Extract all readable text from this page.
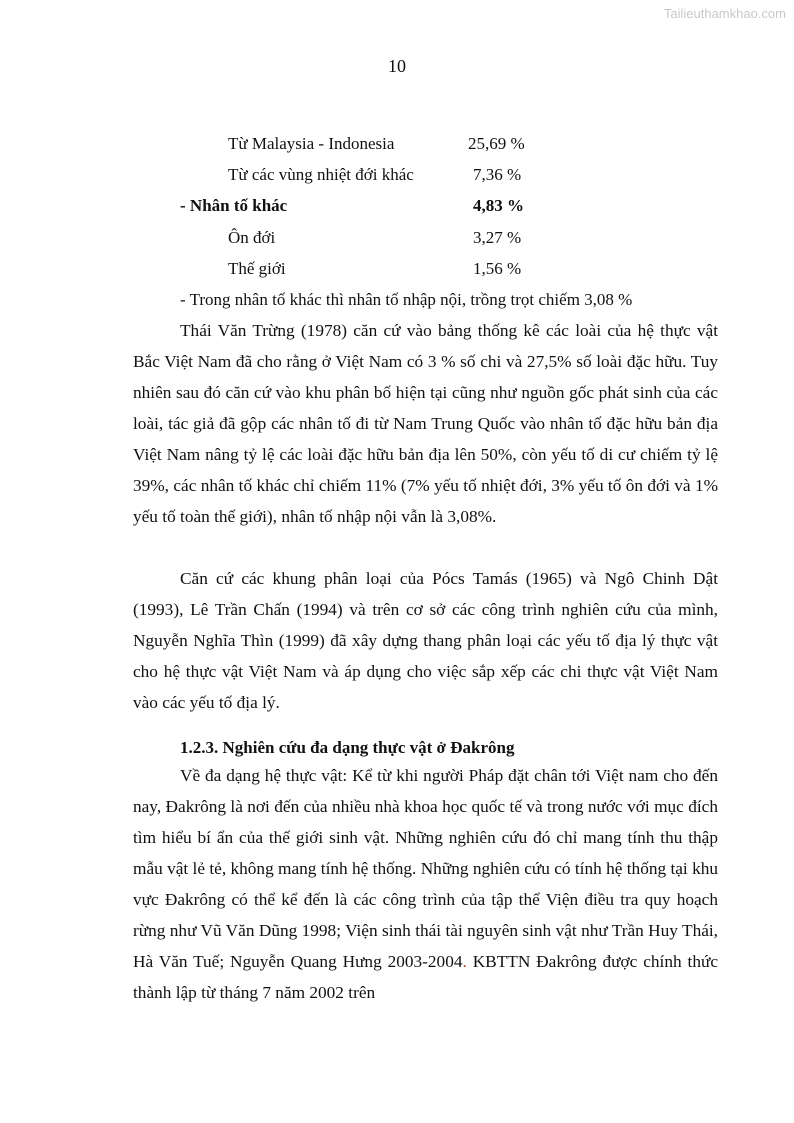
Tailieuthamkhao.com
10
Từ Malaysia - Indonesia	25,69 %
Từ các vùng nhiệt đới khác	7,36 %
- Nhân tố khác	4,83 %
Ôn đới	3,27 %
Thế giới	1,56 %
- Trong nhân tố khác thì nhân tố nhập nội, trồng trọt chiếm 3,08 %

Thái Văn Trừng (1978) căn cứ vào bảng thống kê các loài của hệ thực vật Bắc Việt Nam đã cho rằng ở Việt Nam có 3 % số chi và 27,5% số loài đặc hữu. Tuy nhiên sau đó căn cứ vào khu phân bố hiện tại cũng như nguồn gốc phát sinh của các loài, tác giả đã gộp các nhân tố đi từ Nam Trung Quốc vào nhân tố đặc hữu bản địa Việt Nam nâng tỷ lệ các loài đặc hữu bản địa lên 50%, còn yếu tố di cư chiếm tỷ lệ 39%, các nhân tố khác chỉ chiếm 11% (7% yếu tố nhiệt đới, 3% yếu tố ôn đới và 1% yếu tố toàn thế giới), nhân tố nhập nội vẫn là 3,08%.

Căn cứ các khung phân loại của Pócs Tamás (1965) và Ngô Chinh Dật (1993), Lê Trần Chấn (1994) và trên cơ sở các công trình nghiên cứu của mình, Nguyễn Nghĩa Thìn (1999) đã xây dựng thang phân loại các yếu tố địa lý thực vật cho hệ thực vật Việt Nam và áp dụng cho việc sắp xếp các chi thực vật Việt Nam vào các yếu tố địa lý.

1.2.3. Nghiên cứu đa dạng thực vật ở Đakrông

Về đa dạng hệ thực vật: Kể từ khi người Pháp đặt chân tới Việt nam cho đến nay, Đakrông là nơi đến của nhiều nhà khoa học quốc tế và trong nước với mục đích tìm hiểu bí ẩn của thế giới sinh vật. Những nghiên cứu đó chỉ mang tính thu thập mẫu vật lẻ tẻ, không mang tính hệ thống. Những nghiên cứu có tính hệ thống tại khu vực Đakrông có thể kể đến là các công trình của tập thể Viện điều tra quy hoạch rừng như Vũ Văn Dũng 1998; Viện sinh thái tài nguyên sinh vật như Trần Huy Thái, Hà Văn Tuế; Nguyễn Quang Hưng 2003-2004. KBTTN Đakrông được chính thức thành lập từ tháng 7 năm 2002 trên
